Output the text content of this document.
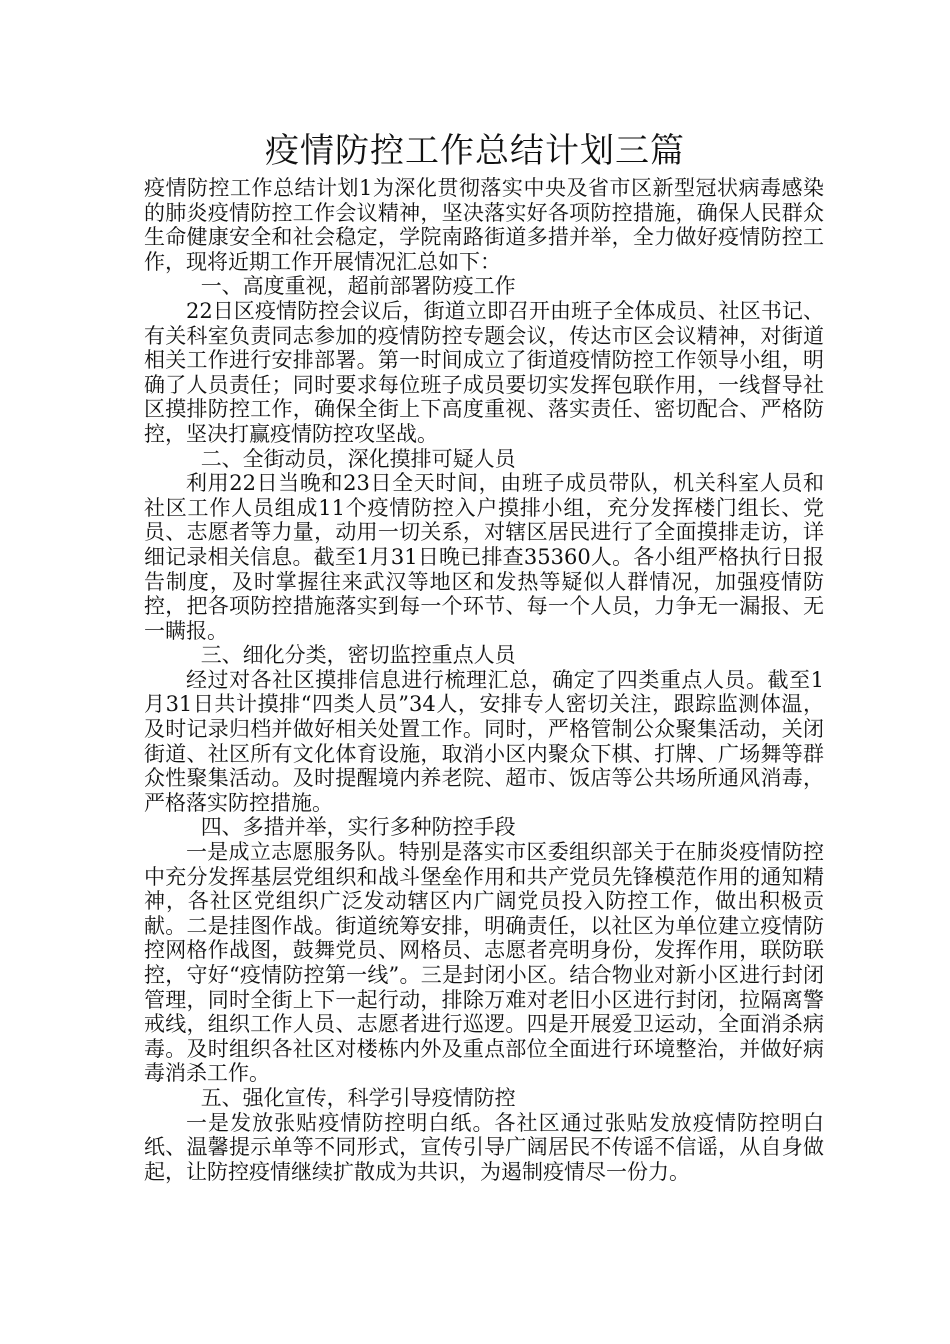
疫情防控工作总结计划三篇

疫情防控工作总结计划1为深化贯彻落实中央及省市区新型冠状病毒感染的肺炎疫情防控工作会议精神，坚决落实好各项防控措施，确保人民群众生命健康安全和社会稳定，学院南路街道多措并举，全力做好疫情防控工作，现将近期工作开展情况汇总如下：

一、高度重视，超前部署防疫工作

22日区疫情防控会议后，街道立即召开由班子全体成员、社区书记、有关科室负责同志参加的疫情防控专题会议，传达市区会议精神，对街道相关工作进行安排部署。第一时间成立了街道疫情防控工作领导小组，明确了人员责任；同时要求每位班子成员要切实发挥包联作用，一线督导社区摸排防控工作，确保全街上下高度重视、落实责任、密切配合、严格防控，坚决打赢疫情防控攻坚战。

二、全街动员，深化摸排可疑人员

利用22日当晚和23日全天时间，由班子成员带队，机关科室人员和社区工作人员组成11个疫情防控入户摸排小组，充分发挥楼门组长、党员、志愿者等力量，动用一切关系，对辖区居民进行了全面摸排走访，详细记录相关信息。截至1月31日晚已排查35360人。各小组严格执行日报告制度，及时掌握往来武汉等地区和发热等疑似人群情况，加强疫情防控，把各项防控措施落实到每一个环节、每一个人员，力争无一漏报、无一瞒报。

三、细化分类，密切监控重点人员

经过对各社区摸排信息进行梳理汇总，确定了四类重点人员。截至1月31日共计摸排“四类人员”34人，安排专人密切关注，跟踪监测体温，及时记录归档并做好相关处置工作。同时，严格管制公众聚集活动，关闭街道、社区所有文化体育设施，取消小区内聚众下棋、打牌、广场舞等群众性聚集活动。及时提醒境内养老院、超市、饭店等公共场所通风消毒，严格落实防控措施。

四、多措并举，实行多种防控手段

一是成立志愿服务队。特别是落实市区委组织部关于在肺炎疫情防控中充分发挥基层党组织和战斗堡垒作用和共产党员先锋模范作用的通知精神，各社区党组织广泛发动辖区内广阔党员投入防控工作，做出积极贡献。二是挂图作战。街道统筹安排，明确责任，以社区为单位建立疫情防控网格作战图，鼓舞党员、网格员、志愿者亮明身份，发挥作用，联防联控，守好“疫情防控第一线”。三是封闭小区。结合物业对新小区进行封闭管理，同时全街上下一起行动，排除万难对老旧小区进行封闭，拉隔离警戒线，组织工作人员、志愿者进行巡逻。四是开展爱卫运动，全面消杀病毒。及时组织各社区对楼栋内外及重点部位全面进行环境整治，并做好病毒消杀工作。

五、强化宣传，科学引导疫情防控

一是发放张贴疫情防控明白纸。各社区通过张贴发放疫情防控明白纸、温馨提示单等不同形式，宣传引导广阔居民不传谣不信谣，从自身做起，让防控疫情继续扩散成为共识，为遏制疫情尽一份力。
